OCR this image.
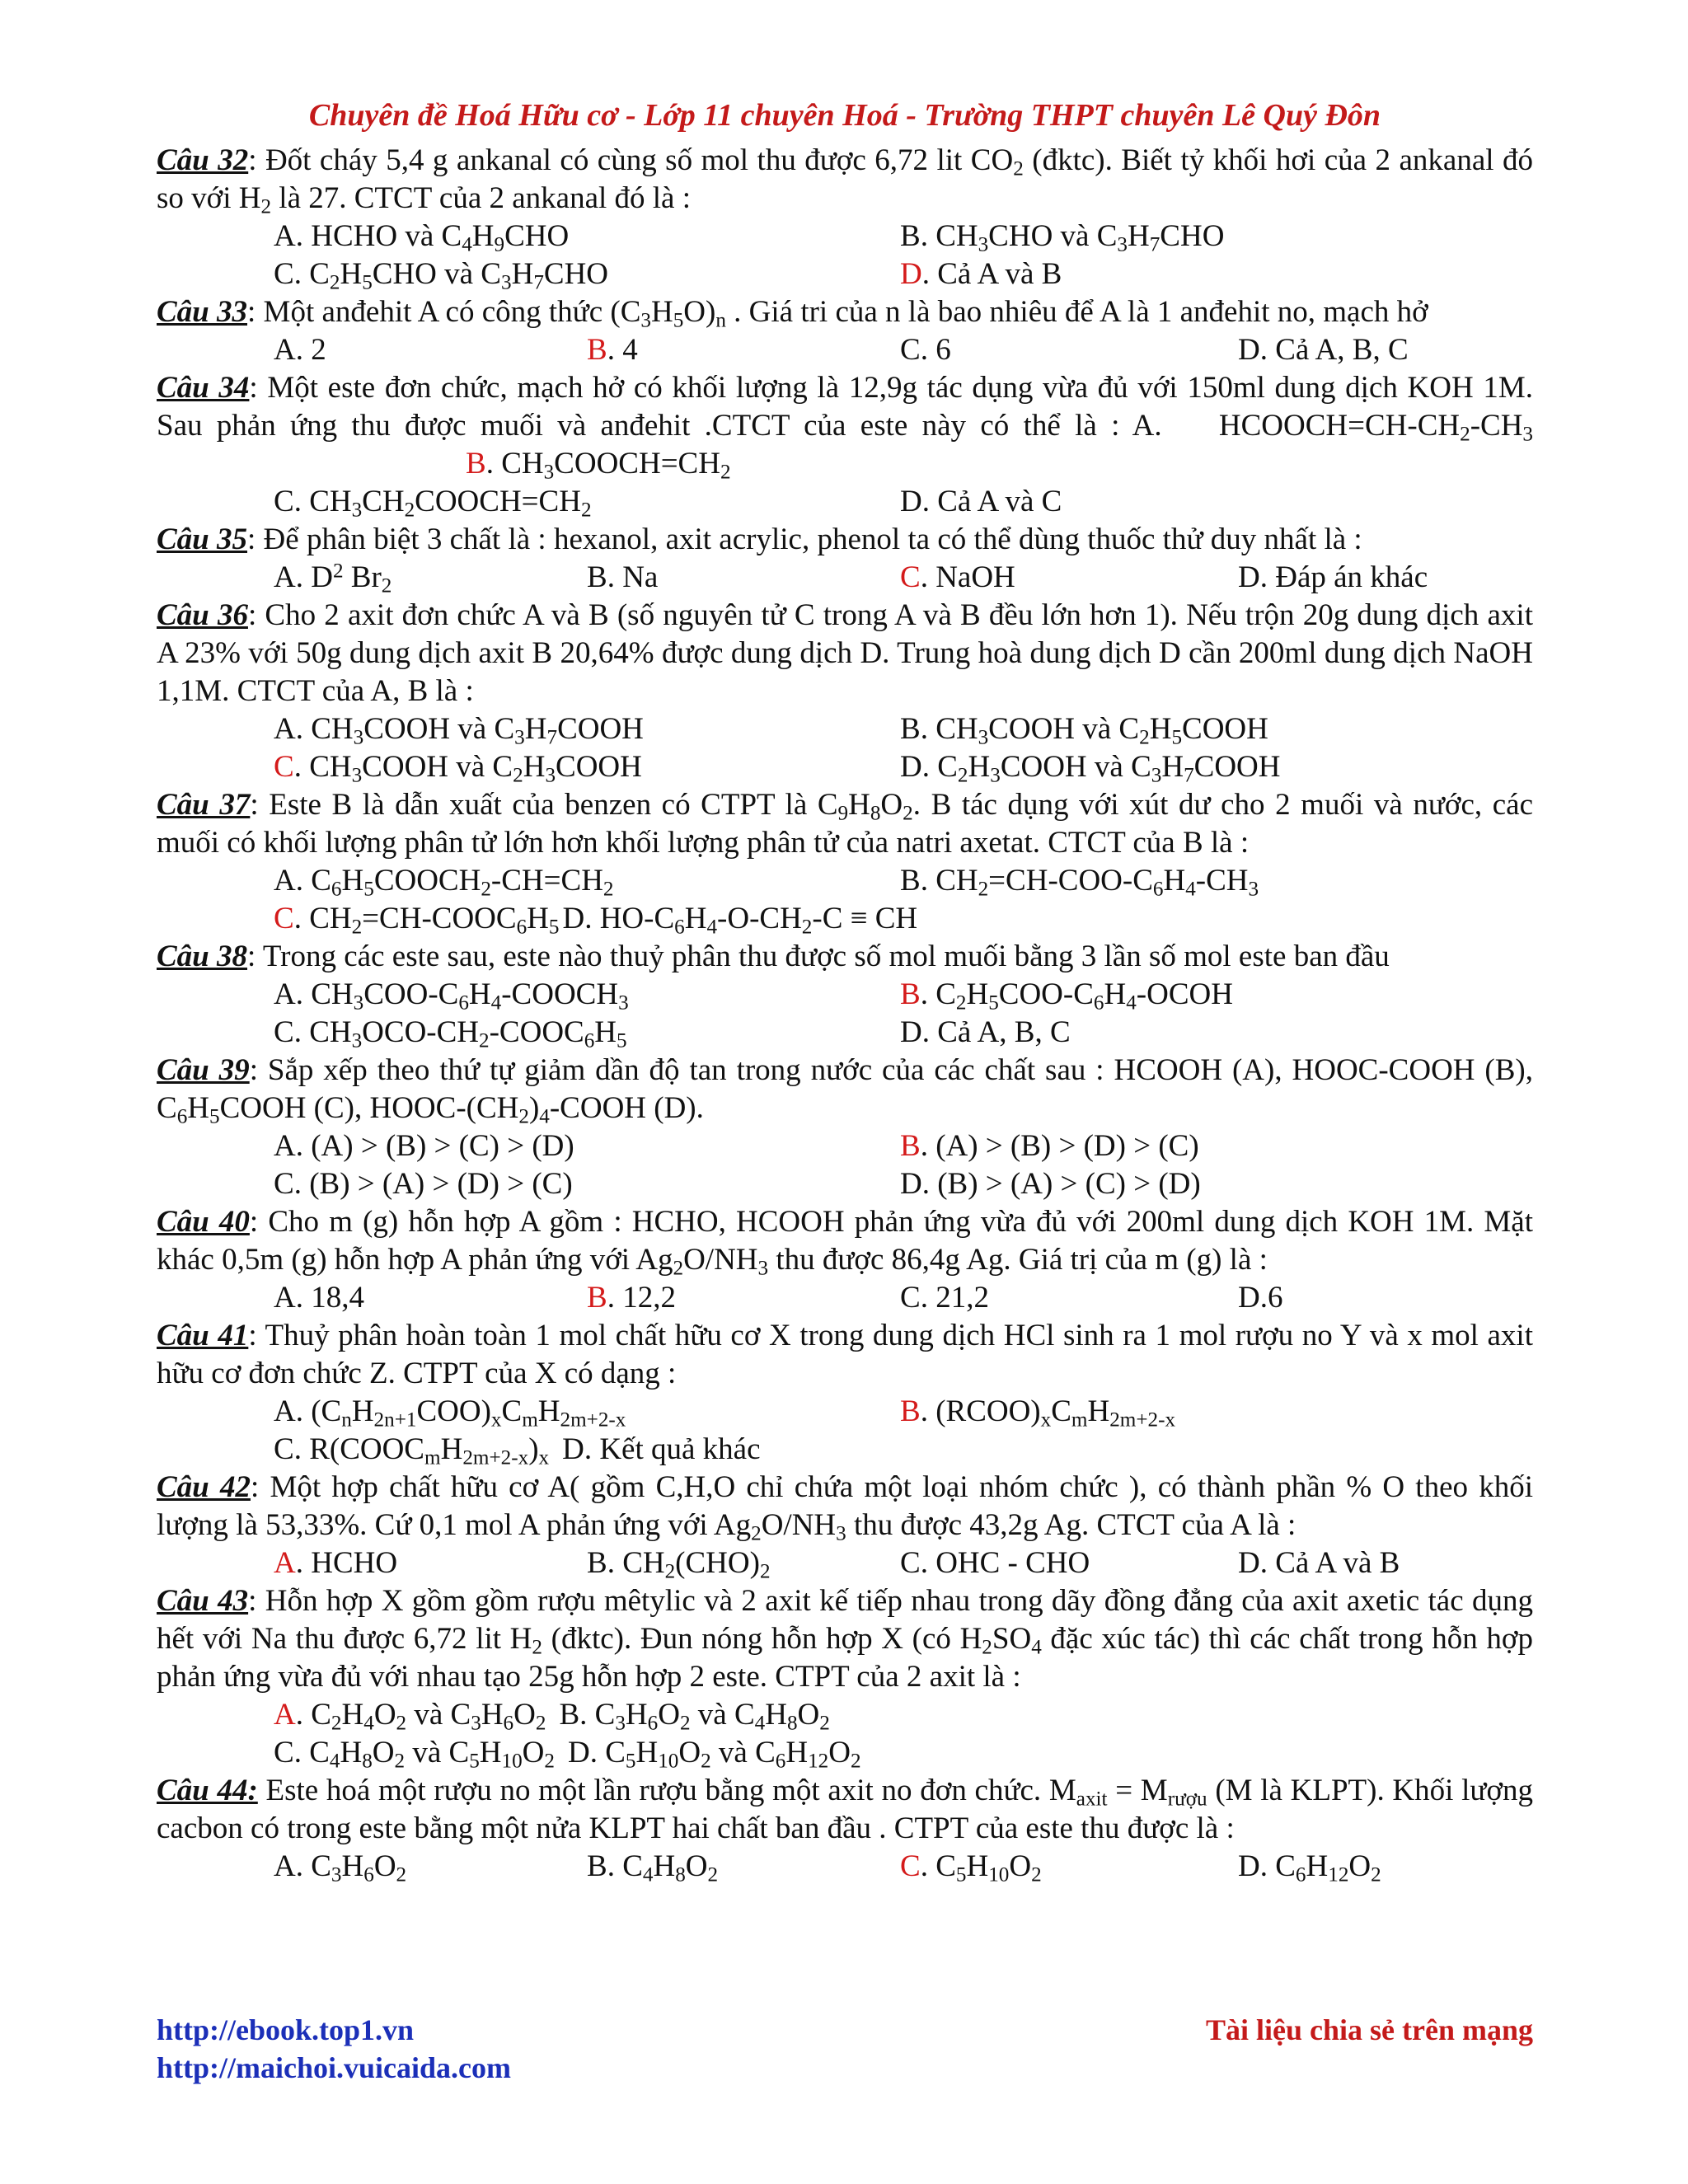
Chuyên đề Hoá Hữu cơ - Lớp 11 chuyên Hoá - Trường THPT chuyên Lê Quý Đôn
Câu 32: Đốt cháy 5,4 g ankanal có cùng số mol thu được 6,72 lit $CO_2$ (đktc). Biết tỷ khối hơi của 2 ankanal đó so với $H_2$ là 27. CTCT của 2 ankanal đó là :
A. HCHO và $C_4H_9CHO$	B. $CH_3CHO$ và $C_3H_7CHO$
C. $C_2H_5CHO$ và $C_3H_7CHO$	D. Cả A và B
Câu 33: Một anđehit A có công thức $(C_3H_5O)_n$ . Giá tri của n là bao nhiêu để A là 1 anđehit no, mạch hở
A. 2	B. 4	C. 6	D. Cả A, B, C
Câu 34: Một este đơn chức, mạch hở có khối lượng là 12,9g tác dụng vừa đủ với 150ml dung dịch KOH 1M. Sau phản ứng thu được muối và anđehit .CTCT của este này có thể là : A.    $HCOOCH=CH-CH_2-CH_3B$. $CH_3COOCH=CH_2$
C. $CH_3CH_2COOCH=CH_2$	D. Cả A và C
Câu 35: Để phân biệt 3 chất là : hexanol, axit acrylic, phenol ta có thể dùng thuốc thử duy nhất là :
A. $D^2$ $Br_2$	B. Na	C. NaOH	D. Đáp án khác
Câu 36: Cho 2 axit đơn chức A và B (số nguyên tử C trong A và B đều lớn hơn 1). Nếu trộn 20g dung dịch axit A 23% với 50g dung dịch axit B 20,64% được dung dịch D. Trung hoà dung dịch D cần 200ml dung dịch NaOH 1,1M. CTCT của A, B là :
A. $CH_3COOH$ và $C_3H_7COOH$	B. $CH_3COOH$ và $C_2H_5COOH$
C. $CH_3COOH$ và $C_2H_3COOH$	D. $C_2H_3COOH$ và $C_3H_7COOH$
Câu 37: Este B là dẫn xuất của benzen có CTPT là $C_9H_8O_2$. B tác dụng với xút dư cho 2 muối và nước, các muối có khối lượng phân tử lớn hơn khối lượng phân tử của natri axetat. CTCT của B là :
A. $C_6H_5COOCH_2-CH=CH_2$	B. $CH_2=CH-COO-C_6H_4-CH_3$
C. $CH_2=CH-COOC_6H_5$ D. $HO-C_6H_4-O-CH_2-C$ ≡ CH
Câu 38: Trong các este sau, este nào thuỷ phân thu được số mol muối bằng 3 lần số mol este ban đầu
A. $CH_3COO-C_6H_4-COOCH_3$	B. $C_2H_5COO-C_6H_4$-OCOH
C. $CH_3OCO-CH_2-COOC_6H_5$	D. Cả A, B, C
Câu 39: Sắp xếp theo thứ tự giảm dần độ tan trong nước của các chất sau : HCOOH (A), HOOC-COOH (B), $C_6H_5COOH$ (C), HOOC-$(CH_2)_4$-COOH (D).
A. (A) > (B) > (C) > (D)	B. (A) > (B) > (D) > (C)
C. (B) > (A) > (D) > (C)	D. (B) > (A) > (C) > (D)
Câu 40: Cho m (g) hỗn hợp A gồm : HCHO, HCOOH phản ứng vừa đủ với 200ml dung dịch KOH 1M. Mặt khác 0,5m (g) hỗn hợp A phản ứng với $Ag_2O/NH_3$ thu được 86,4g Ag. Giá trị của m (g) là :
A. 18,4	B. 12,2	C. 21,2	D.6
Câu 41: Thuỷ phân hoàn toàn 1 mol chất hữu cơ X trong dung dịch HCl sinh ra 1 mol rượu no Y và x mol axit hữu cơ đơn chức Z. CTPT của X có dạng :
A. $(C_nH_{2n+1}COO)_xC_mH_{2m+2-x}$	B. $(RCOO)_xC_mH_{2m+2-x}$
C. $R(COOC_mH_{2m+2-x})_x$ D. Kết quả khác
Câu 42: Một hợp chất hữu cơ A( gồm C,H,O chỉ chứa một loại nhóm chức ), có thành phần % O theo khối lượng là 53,33%. Cứ 0,1 mol A phản ứng với $Ag_2O/NH_3$ thu được 43,2g Ag. CTCT của A là :
A. HCHO	B. $CH_2(CHO)_2$	C. OHC - CHO	D. Cả A và B
Câu 43: Hỗn hợp X gồm gồm rượu mêtylic và 2 axit kế tiếp nhau trong dãy đồng đẳng của axit axetic tác dụng hết với Na thu được 6,72 lit $H_2$ (đktc). Đun nóng hỗn hợp X (có $H_2SO_4$ đặc xúc tác) thì các chất trong hỗn hợp phản ứng vừa đủ với nhau tạo 25g hỗn hợp 2 este. CTPT của 2 axit là :
A. $C_2H_4O_2$ và $C_3H_6O_2$ B. $C_3H_6O_2$ và $C_4H_8O_2$
C. $C_4H_8O_2$ và $C_5H_{10}O_2$ D. $C_5H_{10}O_2$ và $C_6H_{12}O_2$
Câu 44: Este hoá một rượu no một lần rượu bằng một axit no đơn chức. $M_{axit} = M_{rượu}$ (M là KLPT). Khối lượng cacbon có trong este bằng một nửa KLPT hai chất ban đầu . CTPT của este thu được là :
A. $C_3H_6O_2$	B. $C_4H_8O_2$	C. $C_5H_{10}O_2$	D. $C_6H_{12}O_2$
http://ebook.top1.vn
http://maichoi.vuicaida.com
Tài liệu chia sẻ trên mạng
